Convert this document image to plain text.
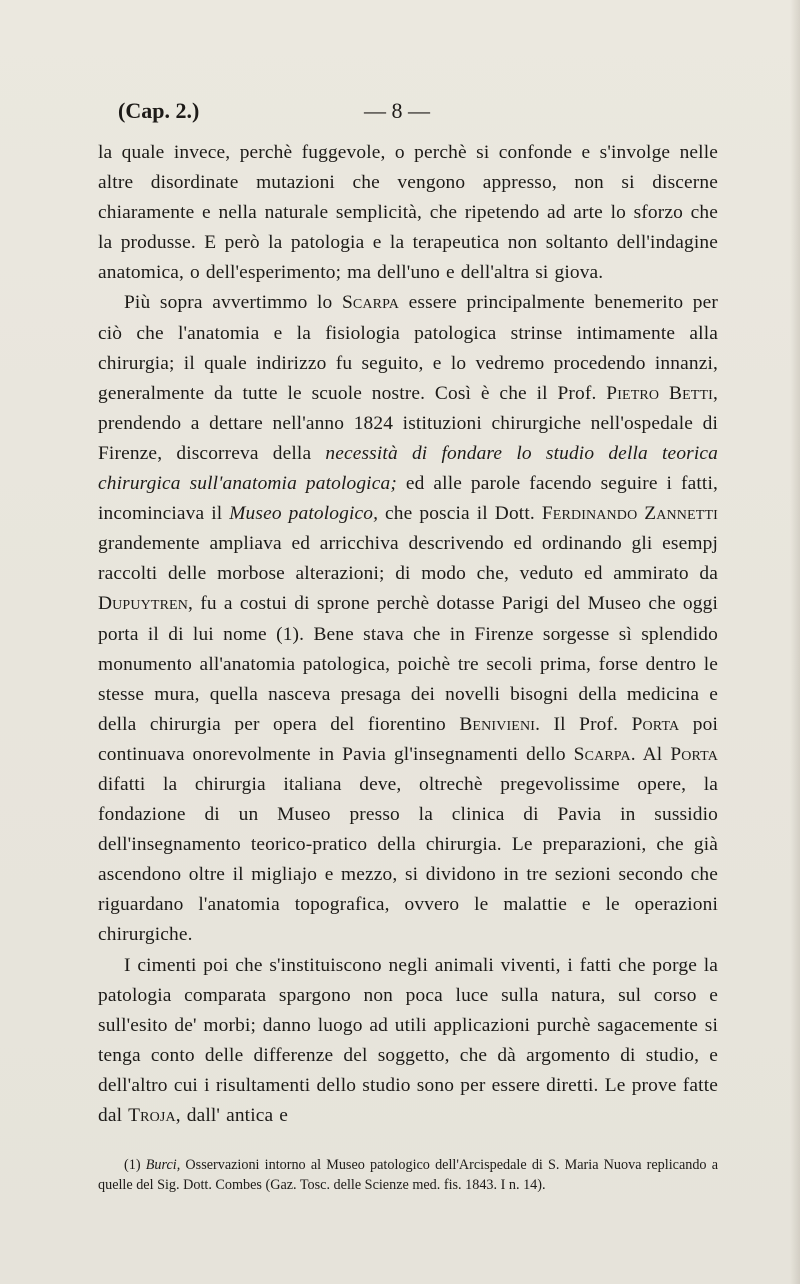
(Cap. 2.)	— 8 —

la quale invece, perchè fuggevole, o perchè si confonde e s'involge nelle altre disordinate mutazioni che vengono appresso, non si discerne chiaramente e nella naturale semplicità, che ripetendo ad arte lo sforzo che la produsse. E però la patologia e la terapeutica non soltanto dell'indagine anatomica, o dell'esperimento; ma dell'uno e dell'altra si giova.

Più sopra avvertimmo lo Scarpa essere principalmente benemerito per ciò che l'anatomia e la fisiologia patologica strinse intimamente alla chirurgia; il quale indirizzo fu seguito, e lo vedremo procedendo innanzi, generalmente da tutte le scuole nostre. Così è che il Prof. Pietro Betti, prendendo a dettare nell'anno 1824 istituzioni chirurgiche nell'ospedale di Firenze, discorreva della necessità di fondare lo studio della teorica chirurgica sull'anatomia patologica; ed alle parole facendo seguire i fatti, incominciava il Museo patologico, che poscia il Dott. Ferdinando Zannetti grandemente ampliava ed arricchiva descrivendo ed ordinando gli esempj raccolti delle morbose alterazioni; di modo che, veduto ed ammirato da Dupuytren, fu a costui di sprone perchè dotasse Parigi del Museo che oggi porta il di lui nome (1). Bene stava che in Firenze sorgesse sì splendido monumento all'anatomia patologica, poichè tre secoli prima, forse dentro le stesse mura, quella nasceva presaga dei novelli bisogni della medicina e della chirurgia per opera del fiorentino Benivieni. Il Prof. Porta poi continuava onorevolmente in Pavia gl'insegnamenti dello Scarpa. Al Porta difatti la chirurgia italiana deve, oltrechè pregevolissime opere, la fondazione di un Museo presso la clinica di Pavia in sussidio dell'insegnamento teorico-pratico della chirurgia. Le preparazioni, che già ascendono oltre il migliajo e mezzo, si dividono in tre sezioni secondo che riguardano l'anatomia topografica, ovvero le malattie e le operazioni chirurgiche.

I cimenti poi che s'instituiscono negli animali viventi, i fatti che porge la patologia comparata spargono non poca luce sulla natura, sul corso e sull'esito de' morbi; danno luogo ad utili applicazioni purchè sagacemente si tenga conto delle differenze del soggetto, che dà argomento di studio, e dell'altro cui i risultamenti dello studio sono per essere diretti. Le prove fatte dal Troja, dall' antica e

(1) Burci, Osservazioni intorno al Museo patologico dell'Arcispedale di S. Maria Nuova replicando a quelle del Sig. Dott. Combes (Gaz. Tosc. delle Scienze med. fis. 1843. I n. 14).
